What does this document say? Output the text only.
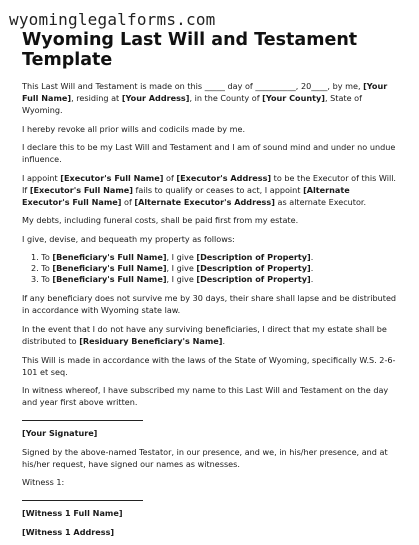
wyominglegalforms.com
Wyoming Last Will and Testament Template

This Last Will and Testament is made on this _____ day of __________, 20____, by me, [Your Full Name], residing at [Your Address], in the County of [Your County], State of Wyoming.

I hereby revoke all prior wills and codicils made by me.

I declare this to be my Last Will and Testament and I am of sound mind and under no undue influence.

I appoint [Executor's Full Name] of [Executor's Address] to be the Executor of this Will. If [Executor's Full Name] fails to qualify or ceases to act, I appoint [Alternate Executor's Full Name] of [Alternate Executor's Address] as alternate Executor.

My debts, including funeral costs, shall be paid first from my estate.

I give, devise, and bequeath my property as follows:

1. To [Beneficiary's Full Name], I give [Description of Property].
2. To [Beneficiary's Full Name], I give [Description of Property].
3. To [Beneficiary's Full Name], I give [Description of Property].

If any beneficiary does not survive me by 30 days, their share shall lapse and be distributed in accordance with Wyoming state law.

In the event that I do not have any surviving beneficiaries, I direct that my estate shall be distributed to [Residuary Beneficiary's Name].

This Will is made in accordance with the laws of the State of Wyoming, specifically W.S. 2-6-101 et seq.

In witness whereof, I have subscribed my name to this Last Will and Testament on the day and year first above written.

[Your Signature]

Signed by the above-named Testator, in our presence, and we, in his/her presence, and at his/her request, have signed our names as witnesses.

Witness 1:

[Witness 1 Full Name]

[Witness 1 Address]
